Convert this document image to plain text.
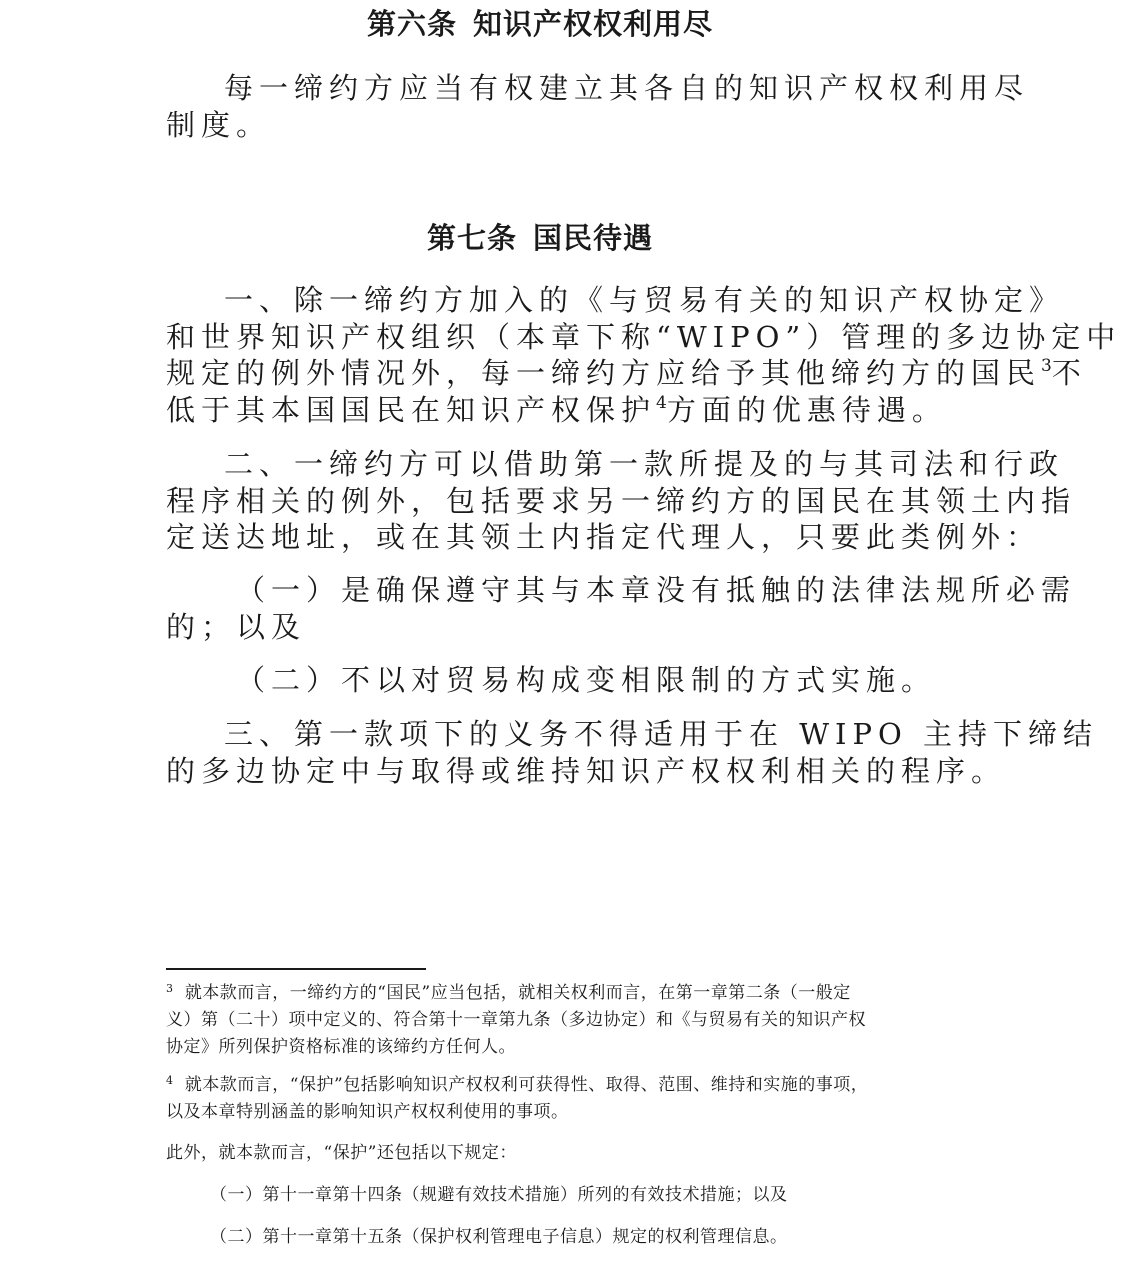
第六条 知识产权权利用尽
每一缔约方应当有权建立其各自的知识产权权利用尽
制度。
第七条 国民待遇
一、除一缔约方加入的《与贸易有关的知识产权协定》
和世界知识产权组织（本章下称“WIPO”）管理的多边协定中
规定的例外情况外，每一缔约方应给予其他缔约方的国民$^3$不
低于其本国国民在知识产权保护$^4$方面的优惠待遇。
二、一缔约方可以借助第一款所提及的与其司法和行政
程序相关的例外，包括要求另一缔约方的国民在其领土内指
定送达地址，或在其领土内指定代理人，只要此类例外：
（一）是确保遵守其与本章没有抵触的法律法规所必需
的；以及
（二）不以对贸易构成变相限制的方式实施。
三、第一款项下的义务不得适用于在 WIPO 主持下缔结
的多边协定中与取得或维持知识产权权利相关的程序。
$^3$ 就本款而言，一缔约方的“国民”应当包括，就相关权利而言，在第一章第二条（一般定
义）第（二十）项中定义的、符合第十一章第九条（多边协定）和《与贸易有关的知识产权
协定》所列保护资格标准的该缔约方任何人。
$^4$ 就本款而言，“保护”包括影响知识产权权利可获得性、取得、范围、维持和实施的事项，
以及本章特别涵盖的影响知识产权权利使用的事项。
此外，就本款而言，“保护”还包括以下规定：
（一）第十一章第十四条（规避有效技术措施）所列的有效技术措施；以及
（二）第十一章第十五条（保护权利管理电子信息）规定的权利管理信息。
